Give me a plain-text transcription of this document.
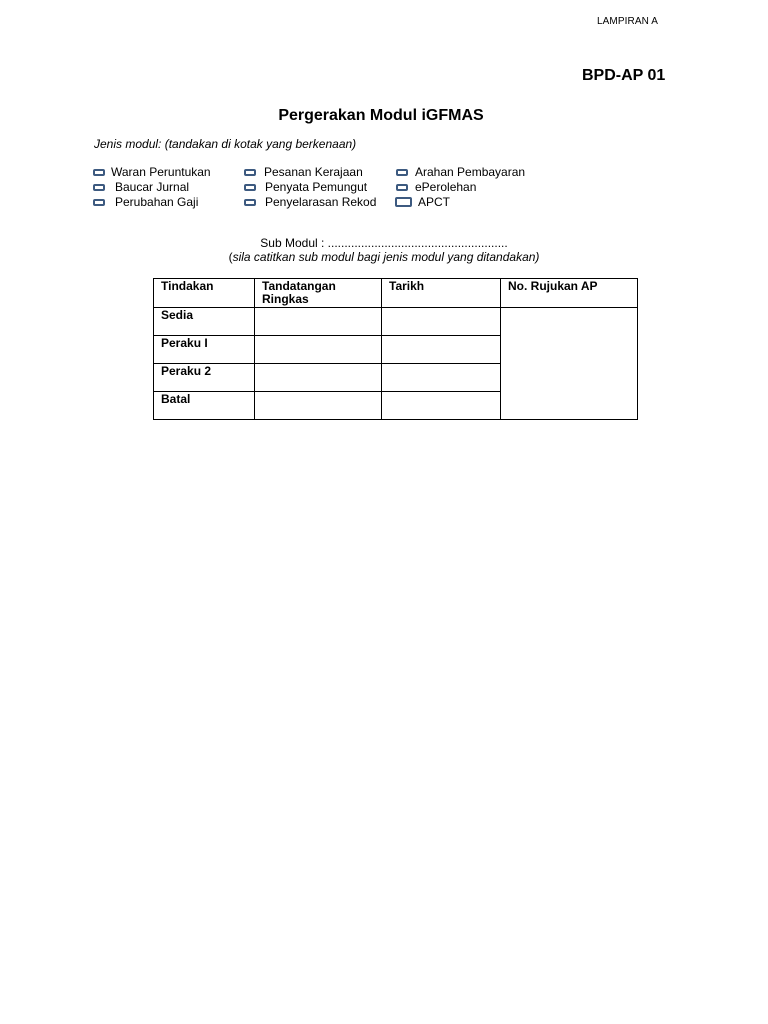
LAMPIRAN A
BPD-AP 01
Pergerakan Modul iGFMAS
Jenis modul: (tandakan di kotak yang berkenaan)
Waran Peruntukan
Baucar Jurnal
Perubahan Gaji
Pesanan Kerajaan
Penyata Pemungut
Penyelarasan Rekod
Arahan Pembayaran
ePerolehan
APCT
Sub Modul : ......................................................
(sila catitkan sub modul bagi jenis modul yang ditandakan)
Tindakan	Tandatangan Ringkas	Tarikh	No. Rujukan AP
Sedia			
Peraku I			
Peraku 2			
Batal			
